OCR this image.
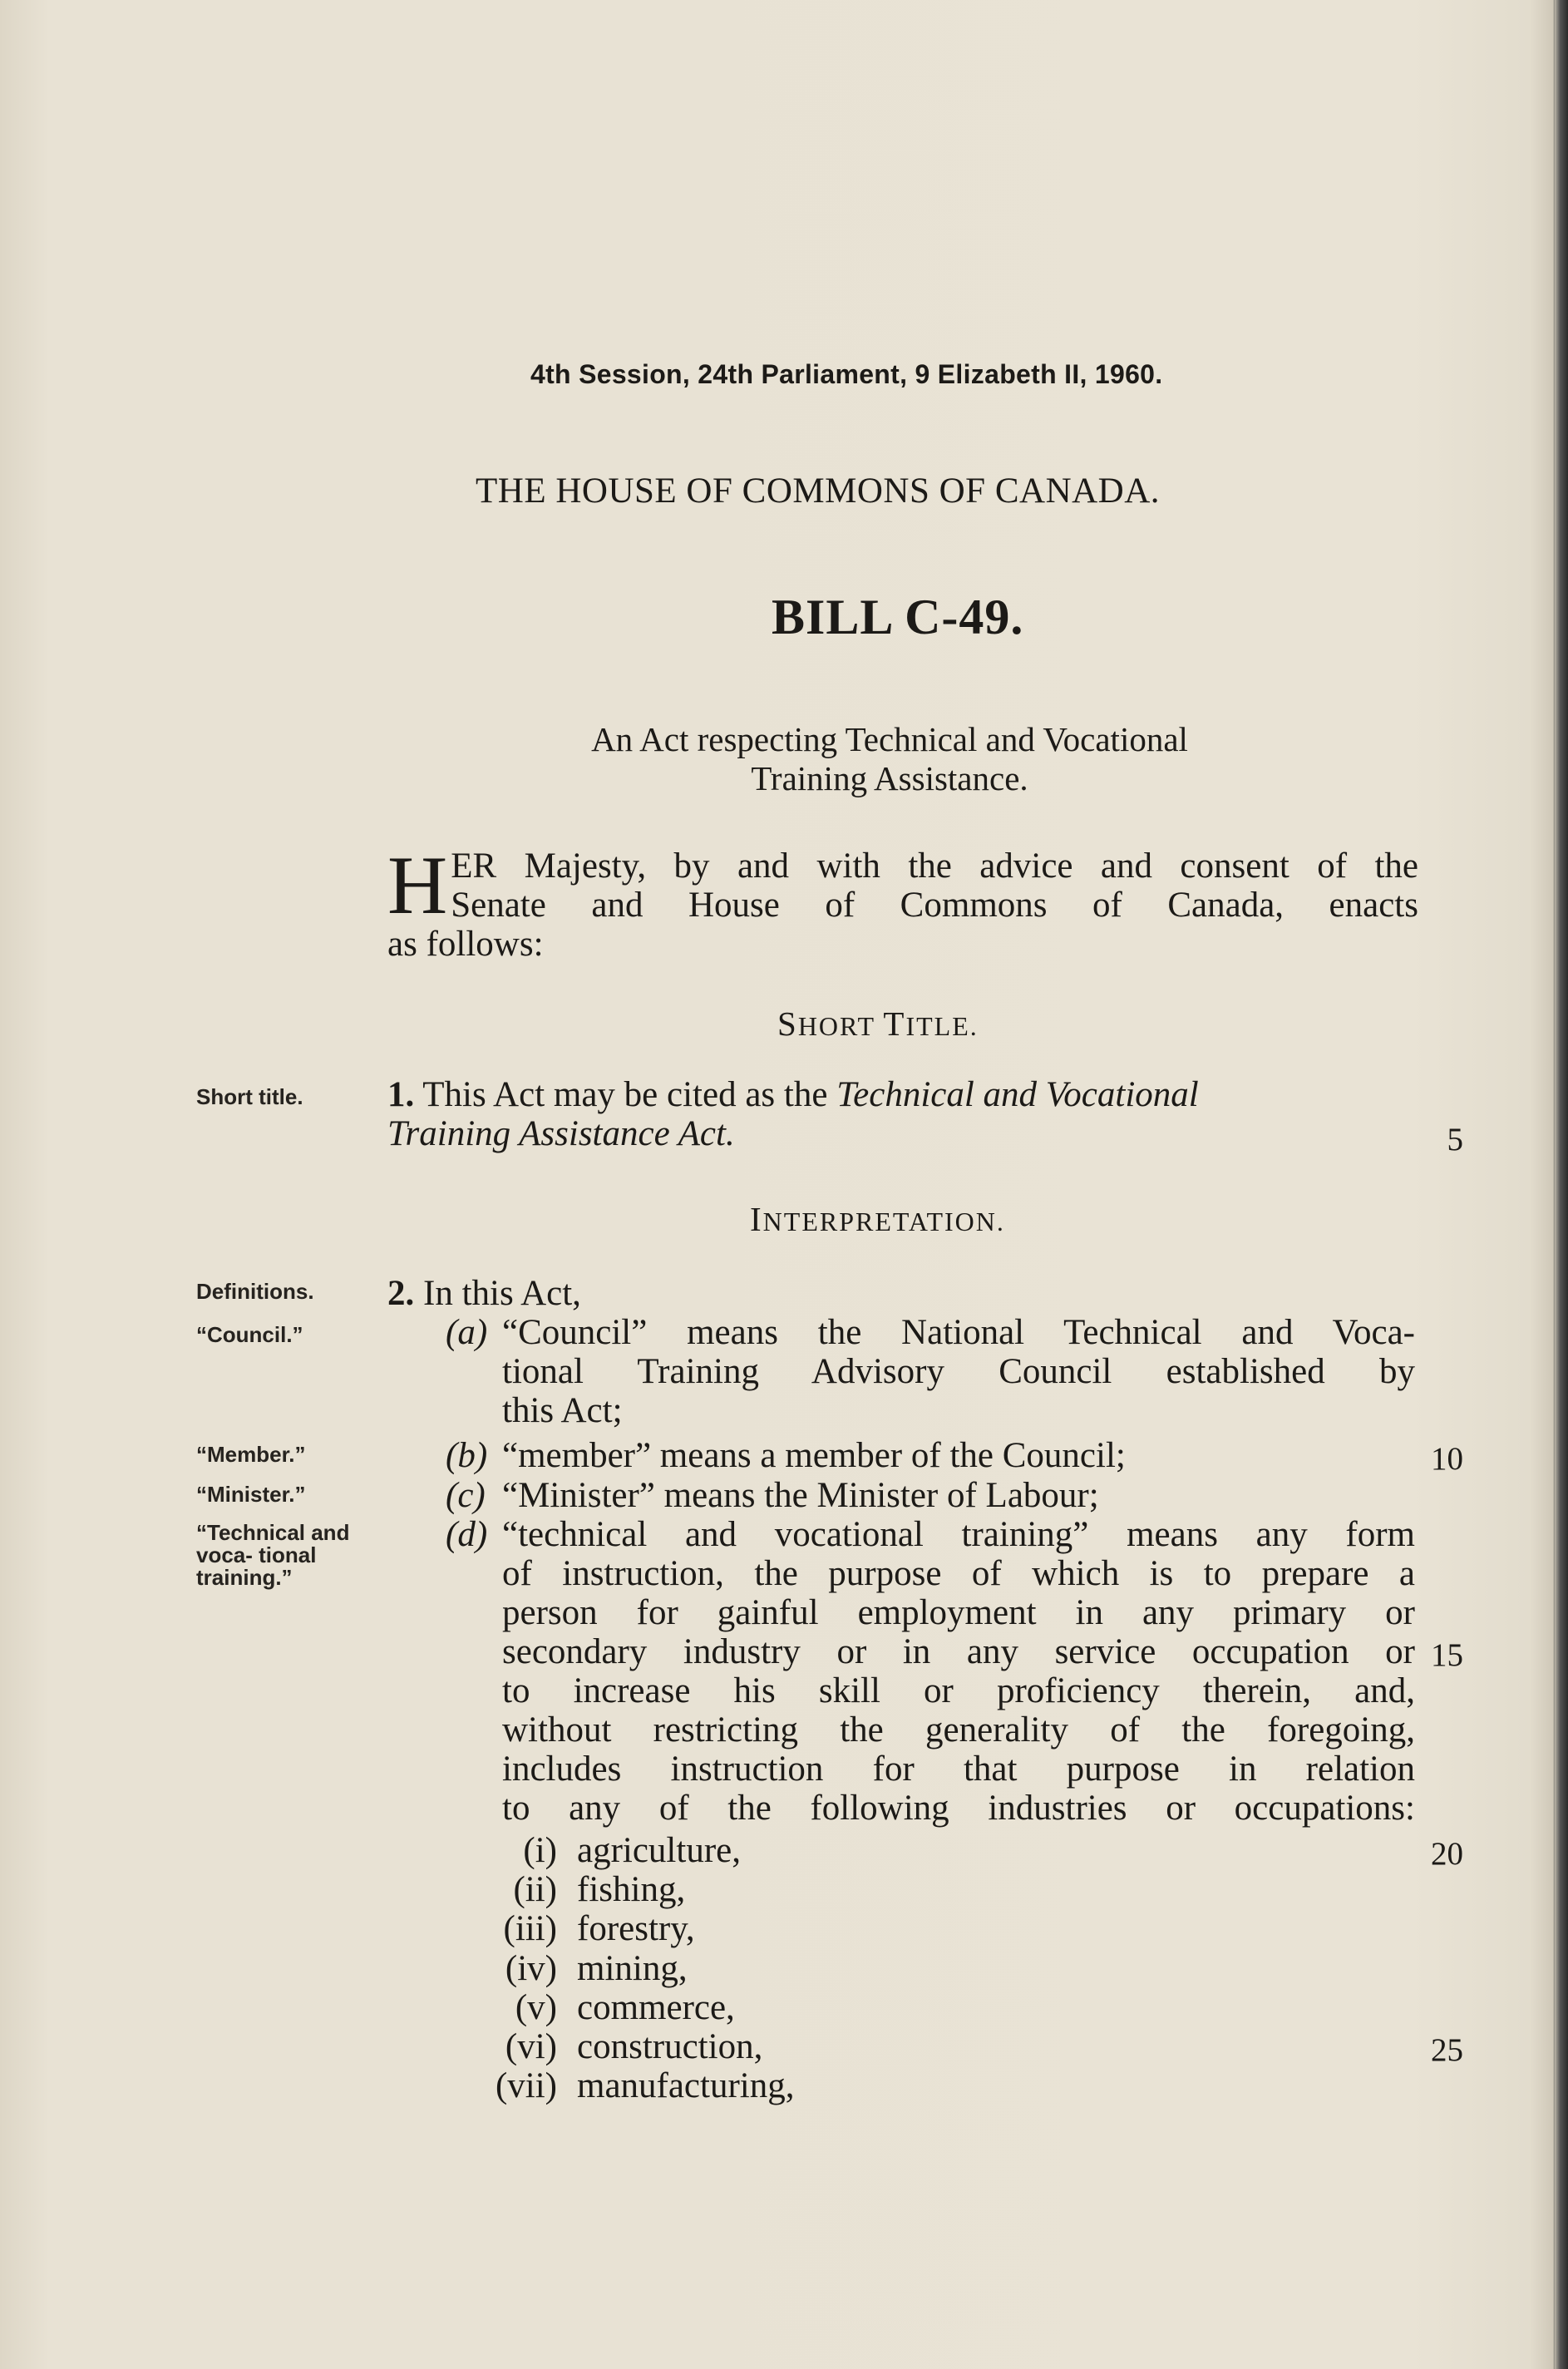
4th Session, 24th Parliament, 9 Elizabeth II, 1960.
THE HOUSE OF COMMONS OF CANADA.
BILL C-49.
An Act respecting Technical and Vocational
Training Assistance.
H ER Majesty, by and with the advice and consent of the
Senate and House of Commons of Canada, enacts
as follows:
SHORT TITLE.
Short title. 1. This Act may be cited as the Technical and Vocational
Training Assistance Act.	5
INTERPRETATION.
Definitions.
“Council.”
“Member.”
“Minister.”
“Technical and voca- tional training.”
2. In this Act,
(a) “Council” means the National Technical and Voca-
tional Training Advisory Council established by
this Act;
(b) “member” means a member of the Council;	10
(c) “Minister” means the Minister of Labour;
(d) “technical and vocational training” means any form
of instruction, the purpose of which is to prepare a
person for gainful employment in any primary or
secondary industry or in any service occupation or 15
to increase his skill or proficiency therein, and,
without restricting the generality of the foregoing,
includes instruction for that purpose in relation
to any of the following industries or occupations:
(i) agriculture,	20
(ii) fishing,
(iii) forestry,
(iv) mining,
(v) commerce,
(vi) construction,	25
(vii) manufacturing,
